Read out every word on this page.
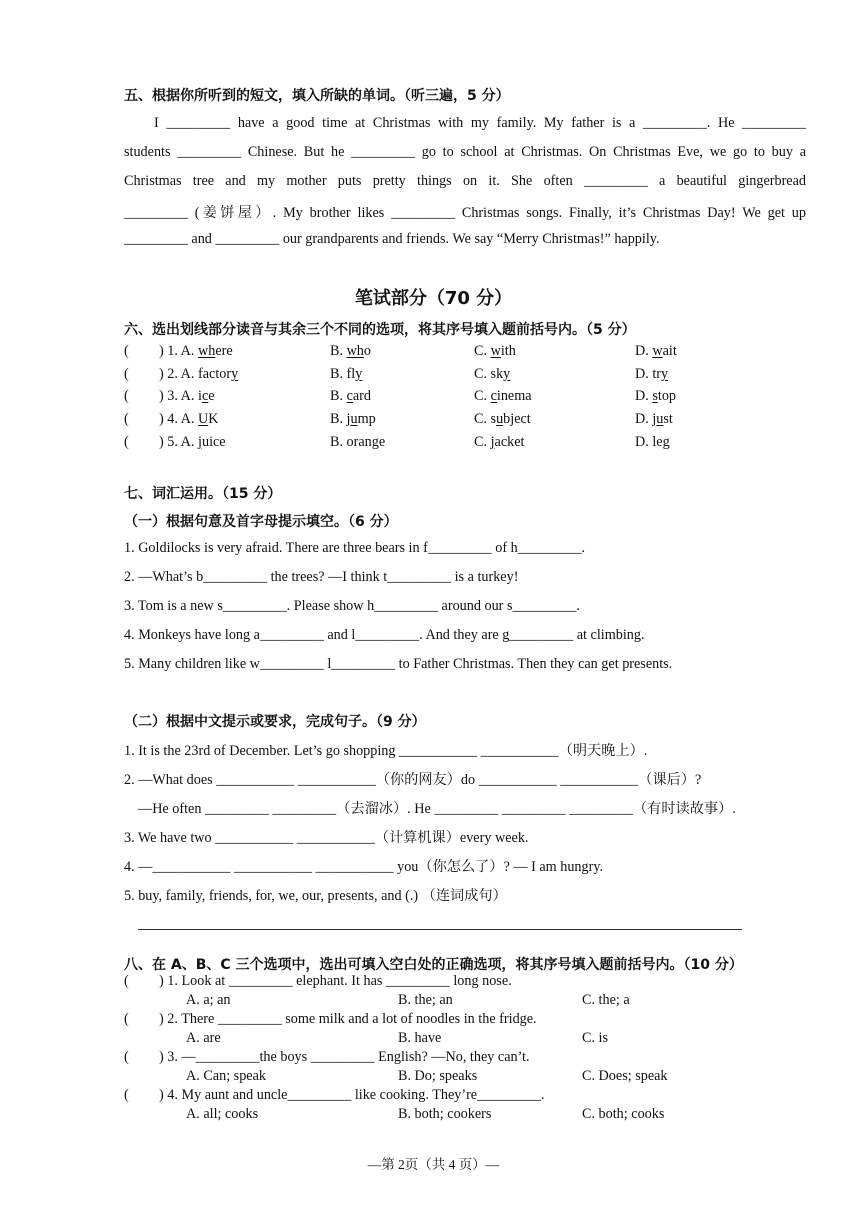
五、根据你所听到的短文，填入所缺的单词。（听三遍，5 分）
I _________ have a good time at Christmas with my family. My father is a _________. He _________
students _________ Chinese. But he _________ go to school at Christmas. On Christmas Eve, we go to buy a
Christmas tree and my mother puts pretty things on it. She often _________ a beautiful gingerbread
_________ (姜饼屋）. My brother likes _________ Christmas songs. Finally, it’s Christmas Day! We get up
_________ and _________ our grandparents and friends. We say “Merry Christmas!” happily.
笔试部分（70 分）
六、选出划线部分读音与其余三个不同的选项，将其序号填入题前括号内。（5 分）
( ) 1. A. where	B. who	C. with	D. wait
( ) 2. A. factory	B. fly	C. sky	D. try
( ) 3. A. ice	B. card	C. cinema	D. stop
( ) 4. A. UK	B. jump	C. subject	D. just
( ) 5. A. juice	B. orange	C. jacket	D. leg
七、词汇运用。（15 分）
（一）根据句意及首字母提示填空。（6 分）
1. Goldilocks is very afraid. There are three bears in f_________ of h_________.
2. —What’s b_________ the trees? —I think t_________ is a turkey!
3. Tom is a new s_________. Please show h_________ around our s_________.
4. Monkeys have long a_________ and l_________. And they are g_________ at climbing.
5. Many children like w_________ l_________ to Father Christmas. Then they can get presents.
（二）根据中文提示或要求，完成句子。（9 分）
1. It is the 23rd of December. Let’s go shopping ___________ ___________（明天晚上）.
2. —What does ___________ ___________（你的网友）do ___________ ___________（课后）?
—He often _________ _________（去溜冰）. He _________ _________ _________（有时读故事）.
3. We have two ___________ ___________（计算机课）every week.
4. —___________ ___________ ___________ you（你怎么了）? — I am hungry.
5. buy, family, friends, for, we, our, presents, and (.) （连词成句）
八、在 A、B、C 三个选项中，选出可填入空白处的正确选项，将其序号填入题前括号内。（10 分）
( ) 1. Look at _________ elephant. It has _________ long nose.
A. a; an	B. the; an	C. the; a
( ) 2. There _________ some milk and a lot of noodles in the fridge.
A. are	B. have	C. is
( ) 3. —_________the boys _________ English? —No, they can’t.
A. Can; speak	B. Do; speaks	C. Does; speak
( ) 4. My aunt and uncle_________ like cooking. They’re_________.
A. all; cooks	B. both; cookers	C. both; cooks
—第 2页（共 4 页）—
